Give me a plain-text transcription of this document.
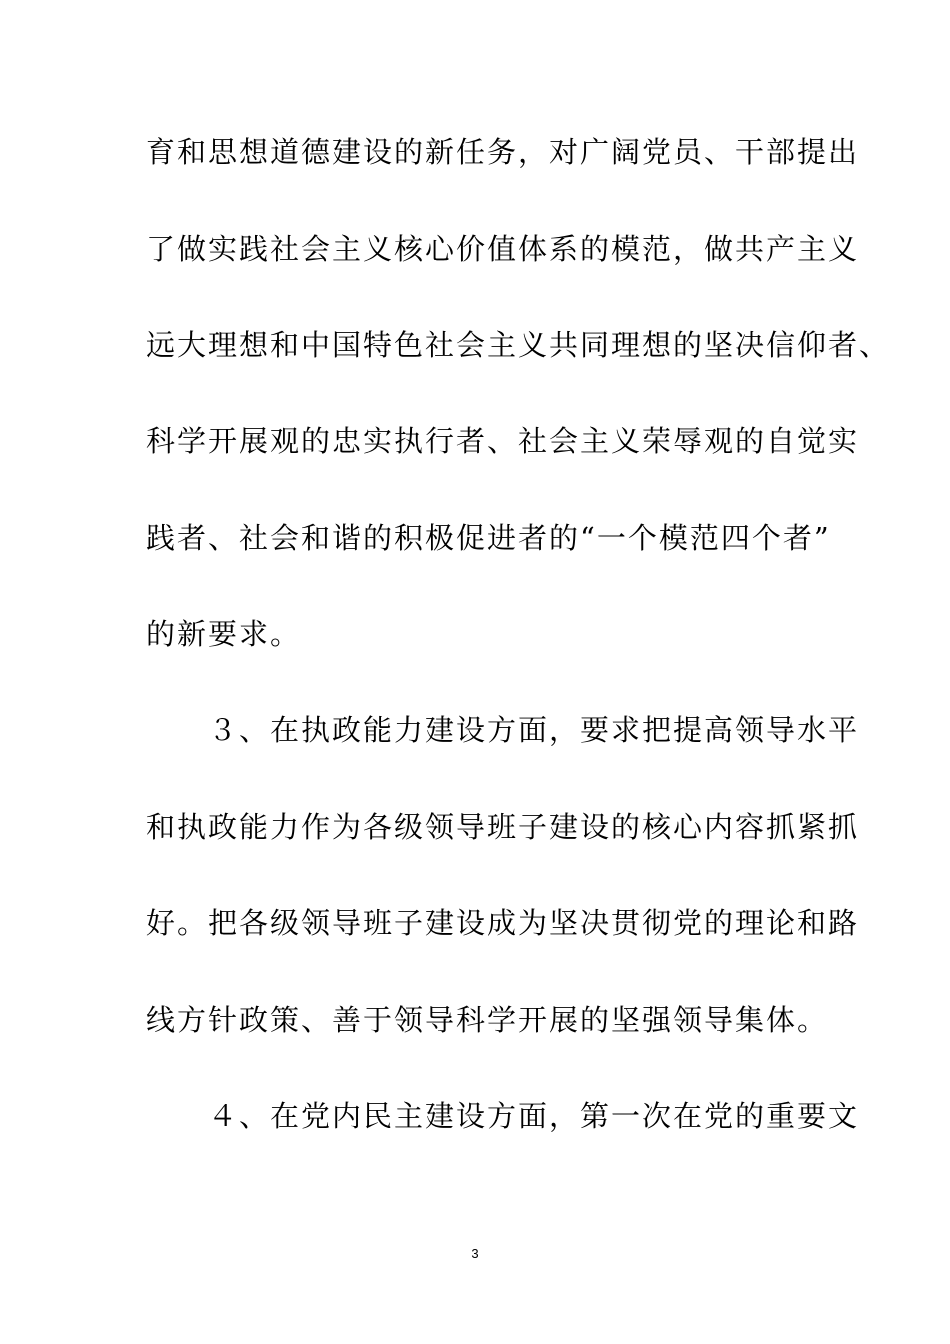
育和思想道德建设的新任务，对广阔党员、干部提出
了做实践社会主义核心价值体系的模范，做共产主义
远大理想和中国特色社会主义共同理想的坚决信仰者、
科学开展观的忠实执行者、社会主义荣辱观的自觉实
践者、社会和谐的积极促进者的“一个模范四个者”
的新要求。
　　３、在执政能力建设方面，要求把提高领导水平
和执政能力作为各级领导班子建设的核心内容抓紧抓
好。把各级领导班子建设成为坚决贯彻党的理论和路
线方针政策、善于领导科学开展的坚强领导集体。
　　４、在党内民主建设方面，第一次在党的重要文
3
